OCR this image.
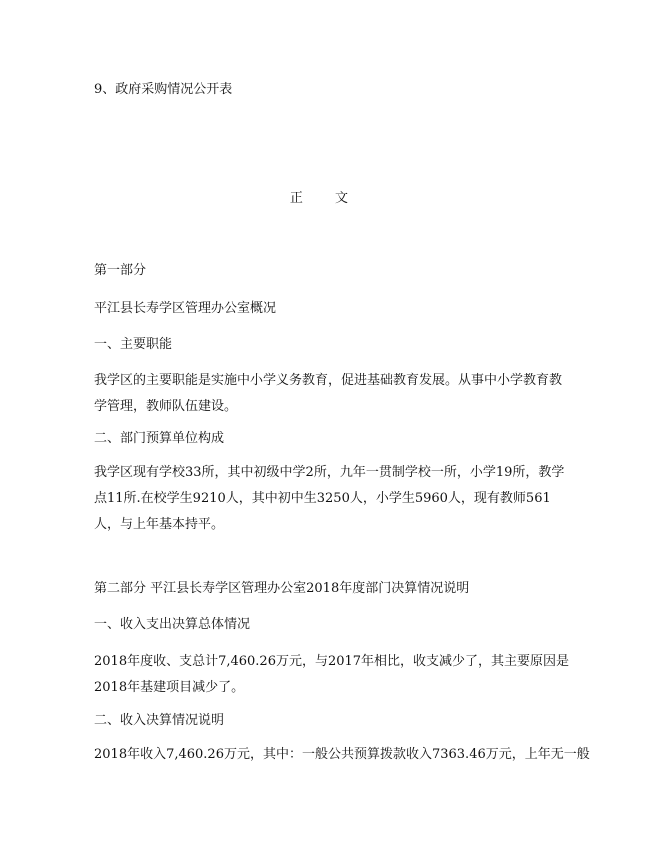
9、政府采购情况公开表
正 文
第一部分
平江县长寿学区管理办公室概况
一、主要职能
我学区的主要职能是实施中小学义务教育，促进基础教育发展。从事中小学教育教学管理，教师队伍建设。
二、部门预算单位构成
我学区现有学校33所，其中初级中学2所，九年一贯制学校一所，小学19所，教学点11所.在校学生9210人，其中初中生3250人，小学生5960人，现有教师561人，与上年基本持平。
第二部分 平江县长寿学区管理办公室2018年度部门决算情况说明
一、收入支出决算总体情况
2018年度收、支总计7,460.26万元，与2017年相比，收支减少了，其主要原因是2018年基建项目减少了。
二、收入决算情况说明
2018年收入7,460.26万元，其中：一般公共预算拨款收入7363.46万元，上年无一般
